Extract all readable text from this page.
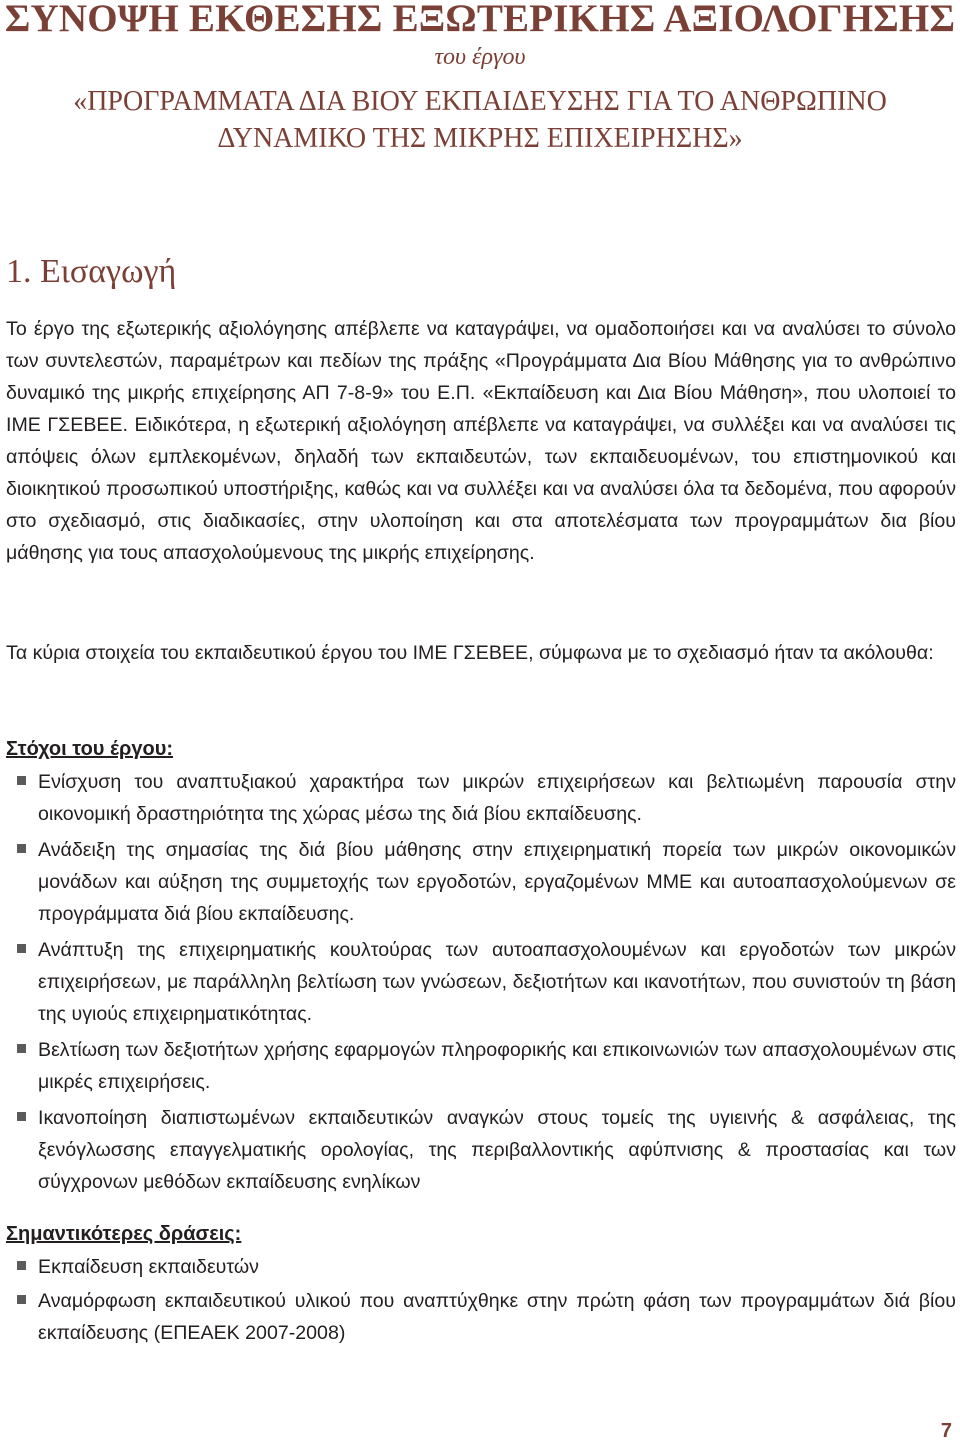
ΣΥΝΟΨΗ ΕΚΘΕΣΗΣ ΕΞΩΤΕΡΙΚΗΣ ΑΞΙΟΛΟΓΗΣΗΣ
του έργου
«ΠΡΟΓΡΑΜΜΑΤΑ ΔΙΑ ΒΙΟΥ ΕΚΠΑΙΔΕΥΣΗΣ ΓΙΑ ΤΟ ΑΝΘΡΩΠΙΝΟ
ΔΥΝΑΜΙΚΟ ΤΗΣ ΜΙΚΡΗΣ ΕΠΙΧΕΙΡΗΣΗΣ»
1. Εισαγωγή

Το έργο της εξωτερικής αξιολόγησης απέβλεπε να καταγράψει, να ομαδοποιήσει και να αναλύσει το σύνολο των συντελεστών, παραμέτρων και πεδίων της πράξης «Προγράμματα Δια Βίου Μάθησης για το ανθρώπινο δυναμικό της μικρής επιχείρησης ΑΠ 7-8-9» του Ε.Π. «Εκπαίδευση και Δια Βίου Μάθηση», που υλοποιεί το ΙΜΕ ΓΣΕΒΕΕ. Ειδικότερα, η εξωτερική αξιολόγηση απέβλεπε να καταγράψει, να συλλέξει και να αναλύσει τις απόψεις όλων εμπλεκομένων, δηλαδή των εκπαιδευτών, των εκπαιδευομένων, του επιστημονικού και διοικητικού προσωπικού υποστήριξης, καθώς και να συλλέξει και να αναλύσει όλα τα δεδομένα, που αφορούν στο σχεδιασμό, στις διαδικασίες, στην υλοποίηση και στα αποτελέσματα των προγραμμάτων δια βίου μάθησης για τους απασχολούμενους της μικρής επιχείρησης.

Τα κύρια στοιχεία του εκπαιδευτικού έργου του ΙΜΕ ΓΣΕΒΕΕ, σύμφωνα με το σχεδιασμό ήταν τα ακόλουθα:

Στόχοι του έργου:
Ενίσχυση του αναπτυξιακού χαρακτήρα των μικρών επιχειρήσεων και βελτιωμένη παρουσία στην οικονομική δραστηριότητα της χώρας μέσω της διά βίου εκπαίδευσης.
Ανάδειξη της σημασίας της διά βίου μάθησης στην επιχειρηματική πορεία των μικρών οικονομικών μονάδων και αύξηση της συμμετοχής των εργοδοτών, εργαζομένων ΜΜΕ και αυτοαπασχολούμενων σε προγράμματα διά βίου εκπαίδευσης.
Ανάπτυξη της επιχειρηματικής κουλτούρας των αυτοαπασχολουμένων και εργοδοτών των μικρών επιχειρήσεων, με παράλληλη βελτίωση των γνώσεων, δεξιοτήτων και ικανοτήτων, που συνιστούν τη βάση της υγιούς επιχειρηματικότητας.
Βελτίωση των δεξιοτήτων χρήσης εφαρμογών πληροφορικής και επικοινωνιών των απασχολουμένων στις μικρές επιχειρήσεις.
Ικανοποίηση διαπιστωμένων εκπαιδευτικών αναγκών στους τομείς της υγιεινής & ασφάλειας, της ξενόγλωσσης επαγγελματικής ορολογίας, της περιβαλλοντικής αφύπνισης & προστασίας και των σύγχρονων μεθόδων εκπαίδευσης ενηλίκων
Σημαντικότερες δράσεις:
Εκπαίδευση εκπαιδευτών
Αναμόρφωση εκπαιδευτικού υλικού που αναπτύχθηκε στην πρώτη φάση των προγραμμάτων διά βίου εκπαίδευσης (ΕΠΕΑΕΚ 2007-2008)
7
